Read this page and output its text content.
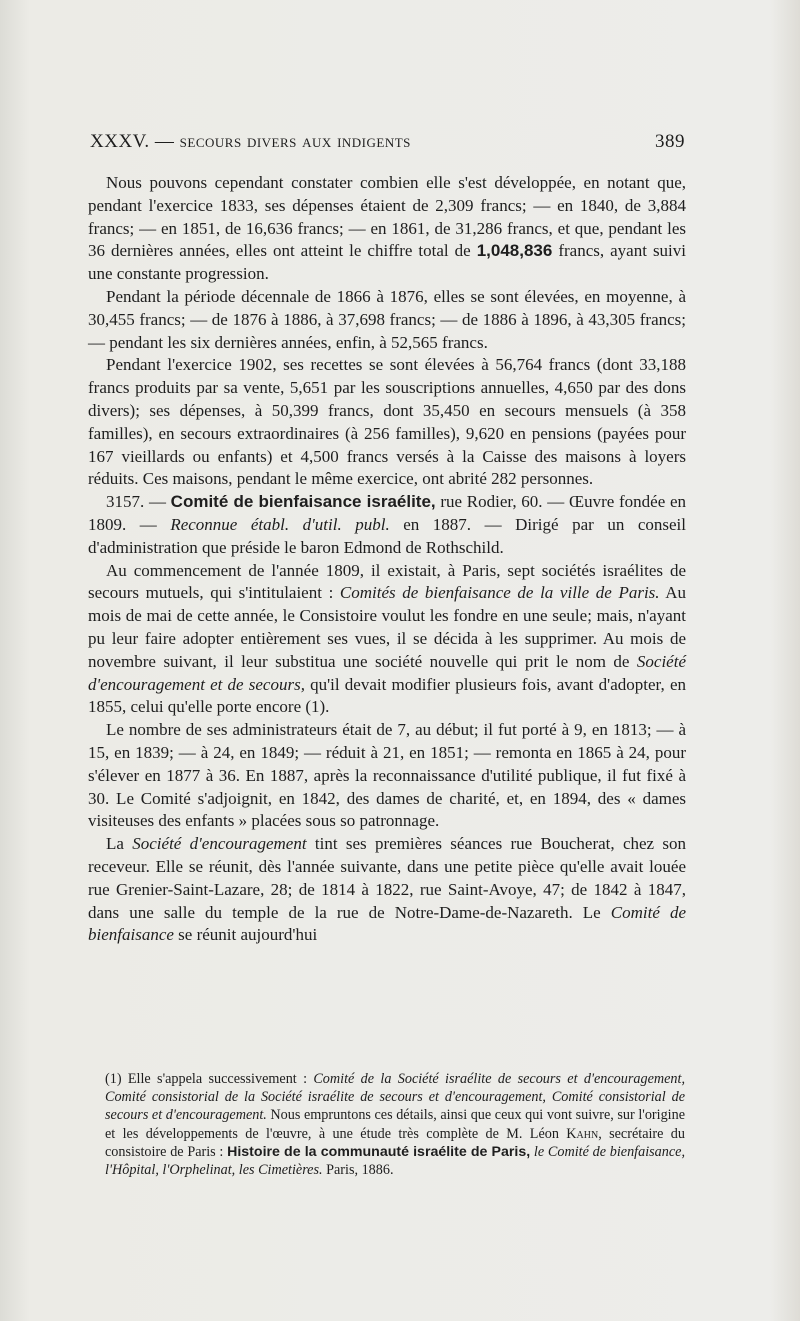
XXXV. — secours divers aux indigents	389

Nous pouvons cependant constater combien elle s'est développée, en notant que, pendant l'exercice 1833, ses dépenses étaient de 2,309 francs; — en 1840, de 3,884 francs; — en 1851, de 16,636 francs; — en 1861, de 31,286 francs, et que, pendant les 36 dernières années, elles ont atteint le chiffre total de 1,048,836 francs, ayant suivi une constante progression.

Pendant la période décennale de 1866 à 1876, elles se sont élevées, en moyenne, à 30,455 francs; — de 1876 à 1886, à 37,698 francs; — de 1886 à 1896, à 43,305 francs; — pendant les six dernières années, enfin, à 52,565 francs.

Pendant l'exercice 1902, ses recettes se sont élevées à 56,764 francs (dont 33,188 francs produits par sa vente, 5,651 par les souscriptions annuelles, 4,650 par des dons divers); ses dépenses, à 50,399 francs, dont 35,450 en secours mensuels (à 358 familles), en secours extraordinaires (à 256 familles), 9,620 en pensions (payées pour 167 vieillards ou enfants) et 4,500 francs versés à la Caisse des maisons à loyers réduits. Ces maisons, pendant le même exercice, ont abrité 282 personnes.

3157. — Comité de bienfaisance israélite, rue Rodier, 60. — Œuvre fondée en 1809. — Reconnue établ. d'util. publ. en 1887. — Dirigé par un conseil d'administration que préside le baron Edmond de Rothschild.

Au commencement de l'année 1809, il existait, à Paris, sept sociétés israélites de secours mutuels, qui s'intitulaient : Comités de bienfaisance de la ville de Paris. Au mois de mai de cette année, le Consistoire voulut les fondre en une seule; mais, n'ayant pu leur faire adopter entièrement ses vues, il se décida à les supprimer. Au mois de novembre suivant, il leur substitua une société nouvelle qui prit le nom de Société d'encouragement et de secours, qu'il devait modifier plusieurs fois, avant d'adopter, en 1855, celui qu'elle porte encore (1).

Le nombre de ses administrateurs était de 7, au début; il fut porté à 9, en 1813; — à 15, en 1839; — à 24, en 1849; — réduit à 21, en 1851; — remonta en 1865 à 24, pour s'élever en 1877 à 36. En 1887, après la reconnaissance d'utilité publique, il fut fixé à 30. Le Comité s'adjoignit, en 1842, des dames de charité, et, en 1894, des « dames visiteuses des enfants » placées sous so patronnage.

La Société d'encouragement tint ses premières séances rue Boucherat, chez son receveur. Elle se réunit, dès l'année suivante, dans une petite pièce qu'elle avait louée rue Grenier-Saint-Lazare, 28; de 1814 à 1822, rue Saint-Avoye, 47; de 1842 à 1847, dans une salle du temple de la rue de Notre-Dame-de-Nazareth. Le Comité de bienfaisance se réunit aujourd'hui

(1) Elle s'appela successivement : Comité de la Société israélite de secours et d'encouragement, Comité consistorial de la Société israélite de secours et d'encouragement, Comité consistorial de secours et d'encouragement. Nous empruntons ces détails, ainsi que ceux qui vont suivre, sur l'origine et les développements de l'œuvre, à une étude très complète de M. Léon Kahn, secrétaire du consistoire de Paris : Histoire de la communauté israélite de Paris, le Comité de bienfaisance, l'Hôpital, l'Orphelinat, les Cimetières. Paris, 1886.
